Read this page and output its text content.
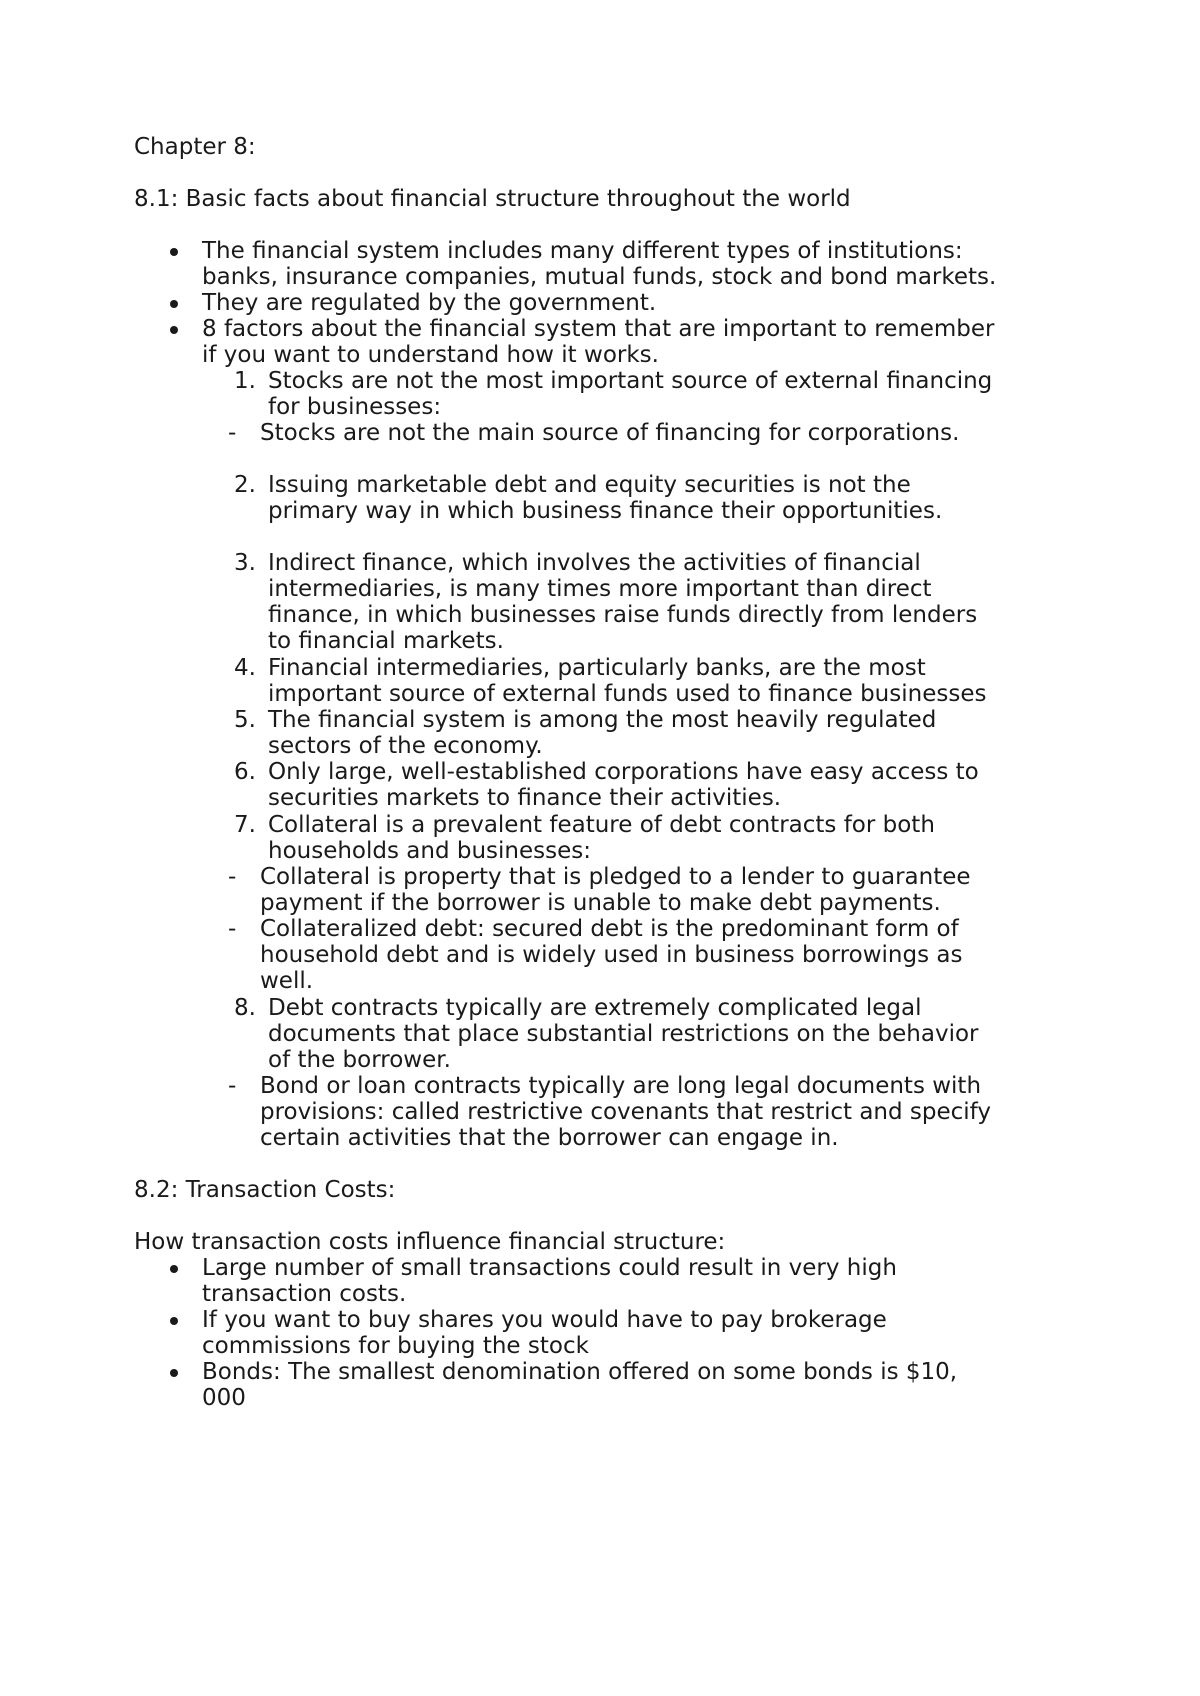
Chapter 8:
8.1: Basic facts about financial structure throughout the world
The financial system includes many different types of institutions:
banks, insurance companies, mutual funds, stock and bond markets.
They are regulated by the government.
8 factors about the financial system that are important to remember
if you want to understand how it works.
1. Stocks are not the most important source of external financing
for businesses:
- Stocks are not the main source of financing for corporations.
2. Issuing marketable debt and equity securities is not the
primary way in which business finance their opportunities.
3. Indirect finance, which involves the activities of financial
intermediaries, is many times more important than direct
finance, in which businesses raise funds directly from lenders
to financial markets.
4. Financial intermediaries, particularly banks, are the most
important source of external funds used to finance businesses
5. The financial system is among the most heavily regulated
sectors of the economy.
6. Only large, well-established corporations have easy access to
securities markets to finance their activities.
7. Collateral is a prevalent feature of debt contracts for both
households and businesses:
- Collateral is property that is pledged to a lender to guarantee
payment if the borrower is unable to make debt payments.
- Collateralized debt: secured debt is the predominant form of
household debt and is widely used in business borrowings as
well.
8. Debt contracts typically are extremely complicated legal
documents that place substantial restrictions on the behavior
of the borrower.
- Bond or loan contracts typically are long legal documents with
provisions: called restrictive covenants that restrict and specify
certain activities that the borrower can engage in.
8.2: Transaction Costs:
How transaction costs influence financial structure:
Large number of small transactions could result in very high
transaction costs.
If you want to buy shares you would have to pay brokerage
commissions for buying the stock
Bonds: The smallest denomination offered on some bonds is $10,
000
